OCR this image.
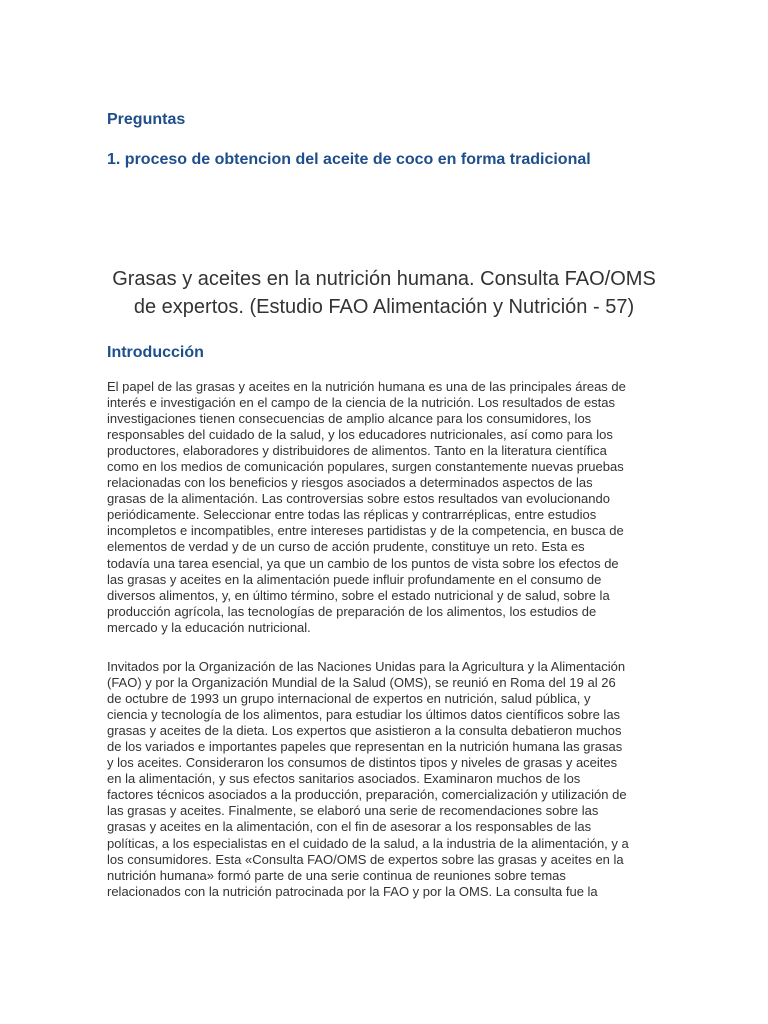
Preguntas
1. proceso de obtencion del aceite de coco en forma tradicional
Grasas y aceites en la nutrición humana. Consulta FAO/OMS
de expertos. (Estudio FAO Alimentación y Nutrición - 57)
Introducción

El papel de las grasas y aceites en la nutrición humana es una de las principales áreas de
interés e investigación en el campo de la ciencia de la nutrición. Los resultados de estas
investigaciones tienen consecuencias de amplio alcance para los consumidores, los
responsables del cuidado de la salud, y los educadores nutricionales, así como para los
productores, elaboradores y distribuidores de alimentos. Tanto en la literatura científica
como en los medios de comunicación populares, surgen constantemente nuevas pruebas
relacionadas con los beneficios y riesgos asociados a determinados aspectos de las
grasas de la alimentación. Las controversias sobre estos resultados van evolucionando
periódicamente. Seleccionar entre todas las réplicas y contrarréplicas, entre estudios
incompletos e incompatibles, entre intereses partidistas y de la competencia, en busca de
elementos de verdad y de un curso de acción prudente, constituye un reto. Esta es
todavía una tarea esencial, ya que un cambio de los puntos de vista sobre los efectos de
las grasas y aceites en la alimentación puede influir profundamente en el consumo de
diversos alimentos, y, en último término, sobre el estado nutricional y de salud, sobre la
producción agrícola, las tecnologías de preparación de los alimentos, los estudios de
mercado y la educación nutricional.

Invitados por la Organización de las Naciones Unidas para la Agricultura y la Alimentación
(FAO) y por la Organización Mundial de la Salud (OMS), se reunió en Roma del 19 al 26
de octubre de 1993 un grupo internacional de expertos en nutrición, salud pública, y
ciencia y tecnología de los alimentos, para estudiar los últimos datos científicos sobre las
grasas y aceites de la dieta. Los expertos que asistieron a la consulta debatieron muchos
de los variados e importantes papeles que representan en la nutrición humana las grasas
y los aceites. Consideraron los consumos de distintos tipos y niveles de grasas y aceites
en la alimentación, y sus efectos sanitarios asociados. Examinaron muchos de los
factores técnicos asociados a la producción, preparación, comercialización y utilización de
las grasas y aceites. Finalmente, se elaboró una serie de recomendaciones sobre las
grasas y aceites en la alimentación, con el fin de asesorar a los responsables de las
políticas, a los especialistas en el cuidado de la salud, a la industria de la alimentación, y a
los consumidores. Esta «Consulta FAO/OMS de expertos sobre las grasas y aceites en la
nutrición humana» formó parte de una serie continua de reuniones sobre temas
relacionados con la nutrición patrocinada por la FAO y por la OMS. La consulta fue la
